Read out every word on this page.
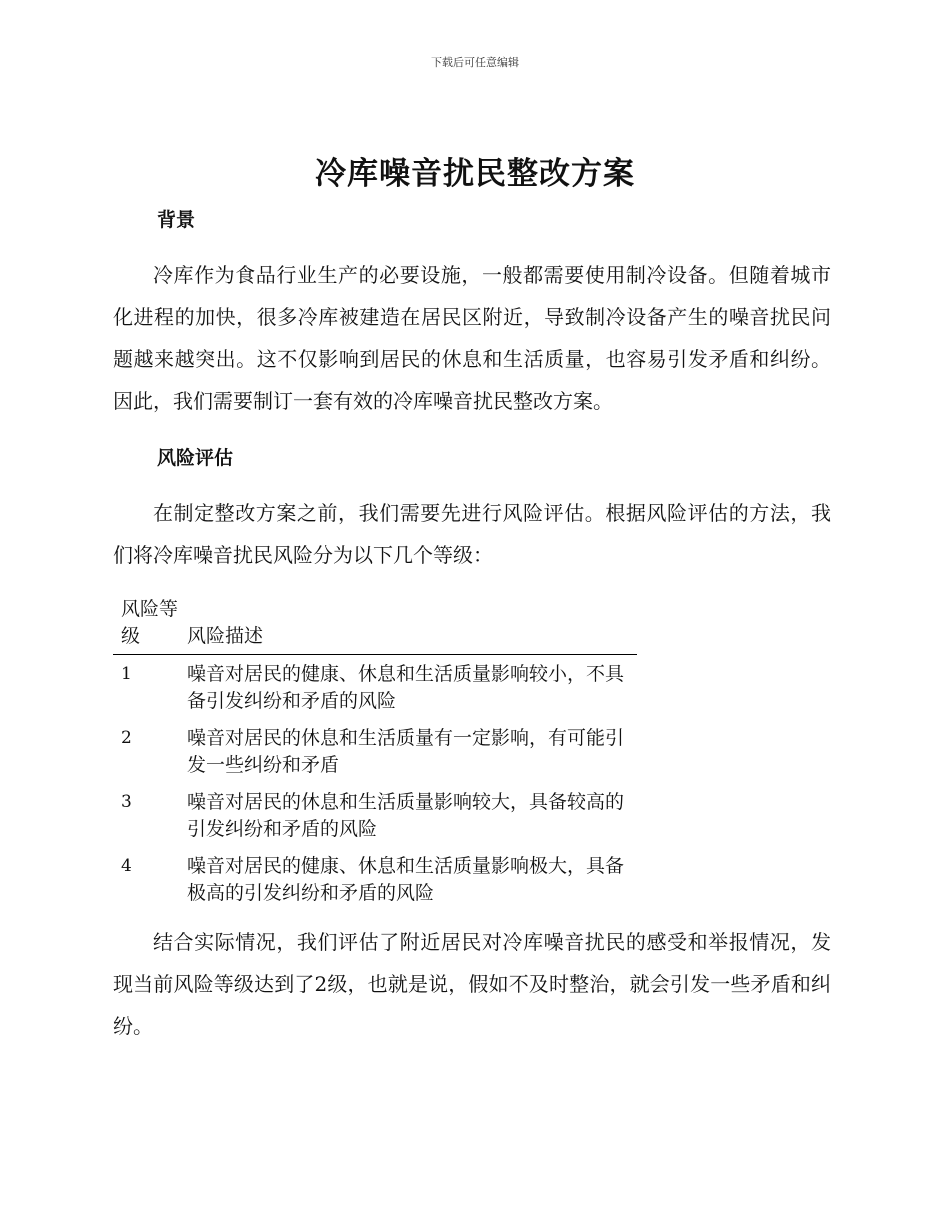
下载后可任意编辑
冷库噪音扰民整改方案
背景

冷库作为食品行业生产的必要设施，一般都需要使用制冷设备。但随着城市化进程的加快，很多冷库被建造在居民区附近，导致制冷设备产生的噪音扰民问题越来越突出。这不仅影响到居民的休息和生活质量，也容易引发矛盾和纠纷。因此，我们需要制订一套有效的冷库噪音扰民整改方案。

风险评估

在制定整改方案之前，我们需要先进行风险评估。根据风险评估的方法，我们将冷库噪音扰民风险分为以下几个等级：

风险等级	风险描述
1	噪音对居民的健康、休息和生活质量影响较小，不具备引发纠纷和矛盾的风险
2	噪音对居民的休息和生活质量有一定影响，有可能引发一些纠纷和矛盾
3	噪音对居民的休息和生活质量影响较大，具备较高的引发纠纷和矛盾的风险
4	噪音对居民的健康、休息和生活质量影响极大，具备极高的引发纠纷和矛盾的风险

结合实际情况，我们评估了附近居民对冷库噪音扰民的感受和举报情况，发现当前风险等级达到了2级，也就是说，假如不及时整治，就会引发一些矛盾和纠纷。
